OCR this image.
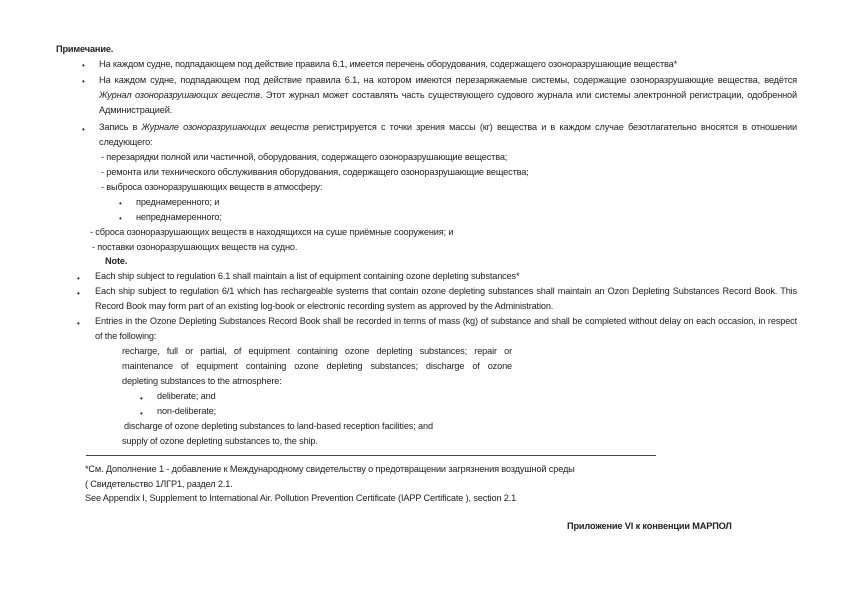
Примечание.
• На каждом судне, подпадающем под действие правила 6.1, имеется перечень оборудования, содержащего озоноразрушающие вещества*
• На каждом судне, подпадающем под действие правила 6.1, на котором имеются перезаряжаемые системы, содержащие озоноразрушающие вещества, ведётся Журнал озоноразрушающих веществ. Этот журнал может составлять часть существующего судового журнала или системы электронной регистрации, одобренной Администрацией.
• Запись в Журнале озоноразрушающих веществ регистрируется с точки зрения массы (кг) вещества и в каждом случае безотлагательно вносятся в отношении следующего:
- перезарядки полной или частичной, оборудования, содержащего озоноразрушающие вещества;
- ремонта или технического обслуживания оборудования, содержащего озоноразрушающие вещества;
- выброса озоноразрушающих веществ в атмосферу:
• преднамеренного; и
• непреднамеренного;
- сброса озоноразрушающих веществ в находящихся на суше приёмные сооружения; и
- поставки озоноразрушающих веществ на судно.
Note.
• Each ship subject to regulation 6.1 shall maintain a list of equipment containing ozone depleting substances*
• Each ship subject to regulation 6/1 which has rechargeable systems that contain ozone depleting substances shall maintain an Ozon Depleting Substances Record Book. This Record Book may form part of an existing log-book or electronic recording system as approved by the Administration.
• Entries in the Ozone Depleting Substances Record Book shall be recorded in terms of mass (kg) of substance and shall be completed without delay on each occasion, in respect of the following:
recharge, full or partial, of equipment containing ozone depleting substances; repair or
maintenance of equipment containing ozone depleting substances; discharge of ozone
depleting substances to the atmosphere:
• deliberate; and
• non-deliberate;
discharge of ozone depleting substances to land-based reception facilities; and
supply of ozone depleting substances to, the ship.
*См. Дополнение 1 - добавление к Международному свидетельству о предотвращении загрязнения воздушной среды
( Свидетельство 1ЛГР1, раздел 2.1.
See Appendix I, Supplement to International Air. Pollution Prevention Certificate (IAPP Certificate ), section 2.1
Приложение VI к конвенции МАРПОЛ
